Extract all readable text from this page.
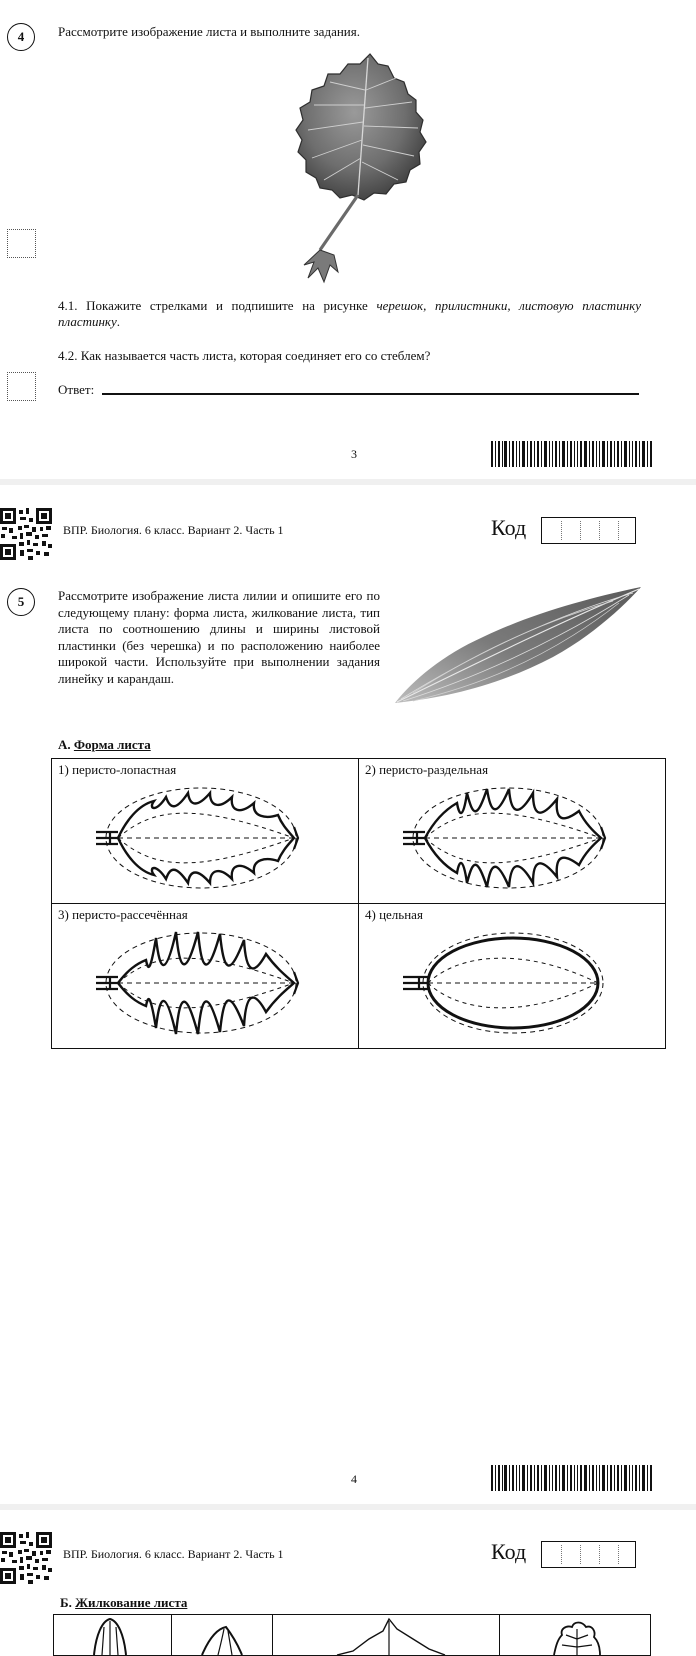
4	Рассмотрите изображение листа и выполните задания.
4.1. Покажите стрелками и подпишите на рисунке черешок, прилистники, листовую пластинку
пластинку.
4.2. Как называется часть листа, которая соединяет его со стеблем?
Ответ:
3
ВПР. Биология. 6 класс. Вариант 2. Часть 1	Код
5	Рассмотрите изображение листа лилии и опишите его по следующему плану: форма листа, жилкование листа, тип листа по соотношению длины и ширины листовой пластинки (без черешка) и по расположению наиболее широкой части. Используйте при выполнении задания линейку и карандаш.
А. Форма листа
1) перисто-лопастная	2) перисто-раздельная

3) перисто-рассечённая	4) цельная
4
ВПР. Биология. 6 класс. Вариант 2. Часть 1	Код
Б. Жилкование листа
